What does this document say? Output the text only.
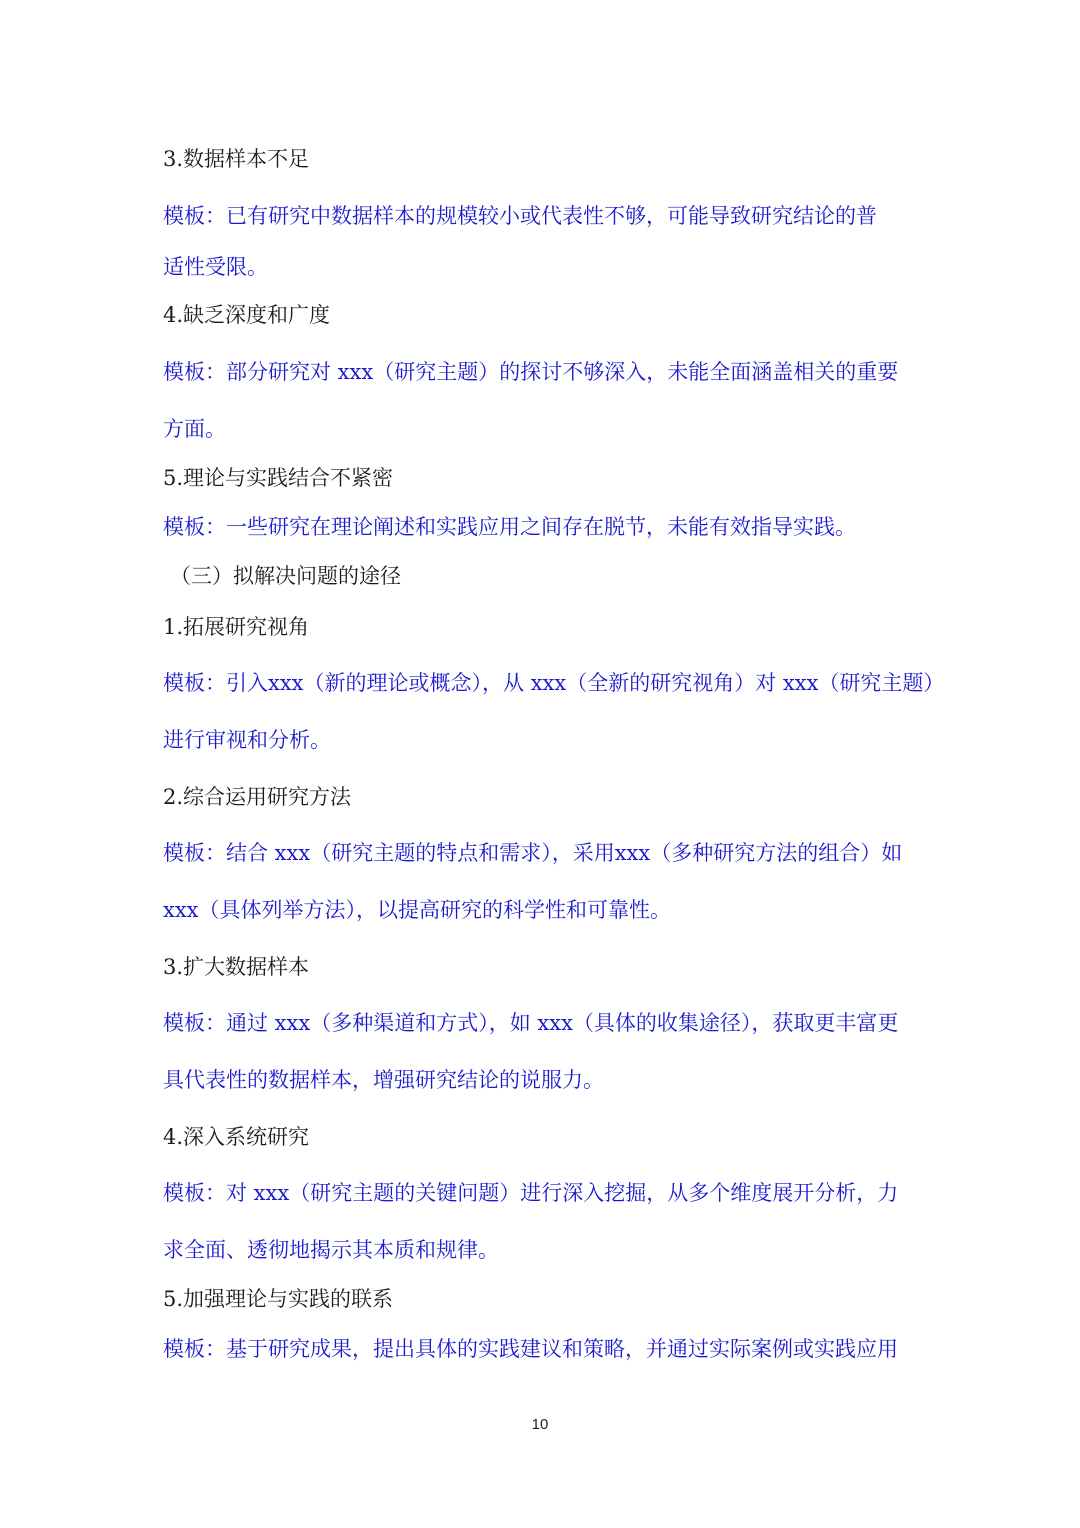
3.数据样本不足
模板：已有研究中数据样本的规模较小或代表性不够，可能导致研究结论的普
适性受限。
4.缺乏深度和广度
模板：部分研究对 xxx（研究主题）的探讨不够深入，未能全面涵盖相关的重要
方面。
5.理论与实践结合不紧密
模板：一些研究在理论阐述和实践应用之间存在脱节，未能有效指导实践。
（三）拟解决问题的途径
1.拓展研究视角
模板：引入xxx（新的理论或概念），从 xxx（全新的研究视角）对 xxx（研究主题）
进行审视和分析。
2.综合运用研究方法
模板：结合 xxx（研究主题的特点和需求），采用xxx（多种研究方法的组合）如
xxx（具体列举方法），以提高研究的科学性和可靠性。
3.扩大数据样本
模板：通过 xxx（多种渠道和方式），如 xxx（具体的收集途径），获取更丰富更
具代表性的数据样本，增强研究结论的说服力。
4.深入系统研究
模板：对 xxx（研究主题的关键问题）进行深入挖掘，从多个维度展开分析，力
求全面、透彻地揭示其本质和规律。
5.加强理论与实践的联系
模板：基于研究成果，提出具体的实践建议和策略，并通过实际案例或实践应用
10
